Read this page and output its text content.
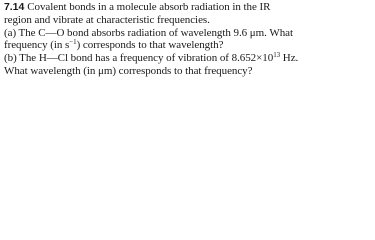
7.14 Covalent bonds in a molecule absorb radiation in the IR
region and vibrate at characteristic frequencies.
(a) The C—O bond absorbs radiation of wavelength 9.6 μm. What
frequency (in $s^{-1}$) corresponds to that wavelength?
(b) The H—Cl bond has a frequency of vibration of $8.652\times 10^{13}$ Hz.
What wavelength (in μm) corresponds to that frequency?
